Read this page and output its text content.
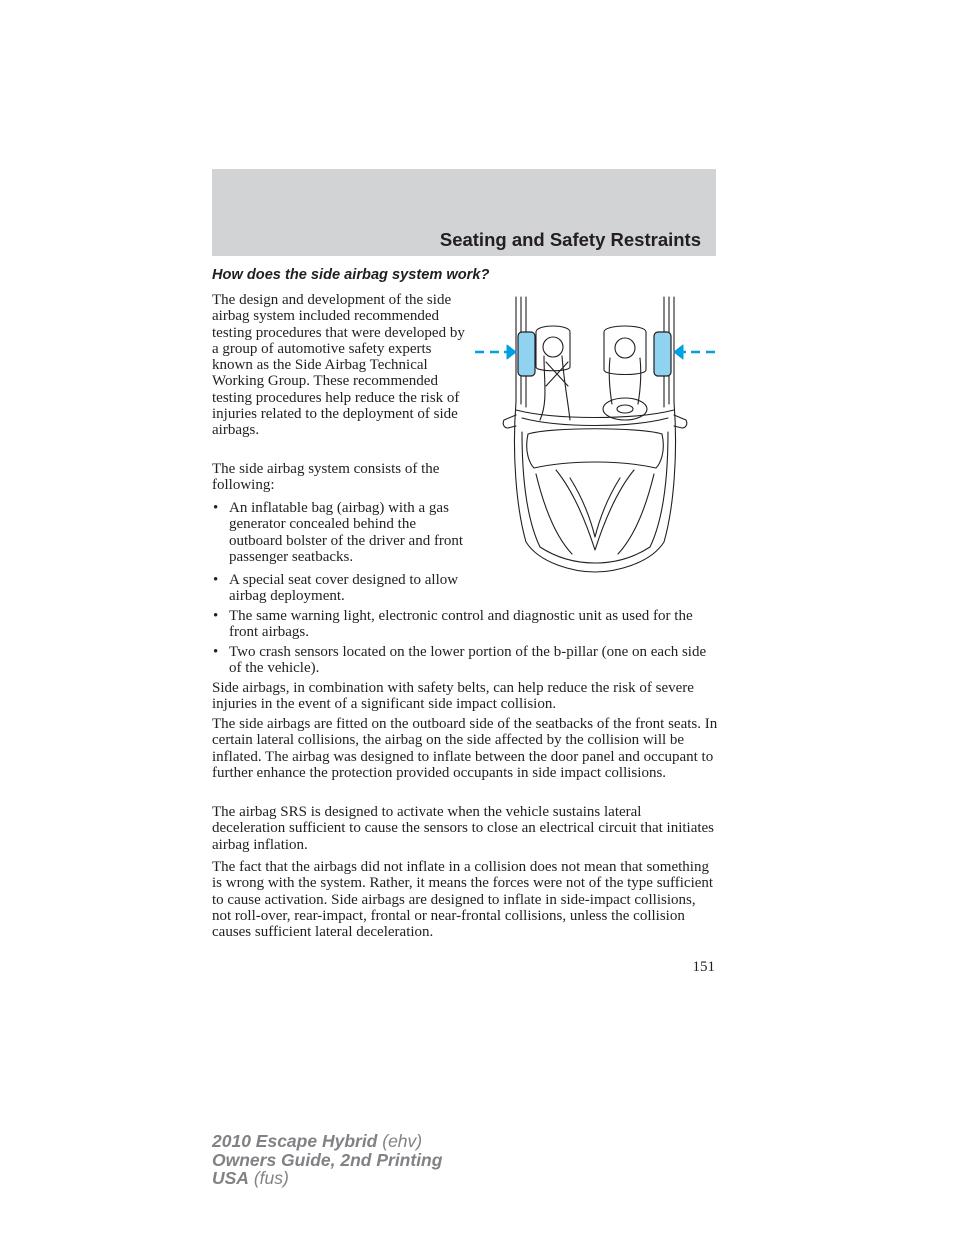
Seating and Safety Restraints
How does the side airbag system work?

The design and development of the side airbag system included recommended testing procedures that were developed by a group of automotive safety experts known as the Side Airbag Technical Working Group. These recommended testing procedures help reduce the risk of injuries related to the deployment of side airbags.

The side airbag system consists of the following:

• An inflatable bag (airbag) with a gas generator concealed behind the outboard bolster of the driver and front passenger seatbacks.
• A special seat cover designed to allow airbag deployment.
• The same warning light, electronic control and diagnostic unit as used for the front airbags.
• Two crash sensors located on the lower portion of the b-pillar (one on each side of the vehicle).

Side airbags, in combination with safety belts, can help reduce the risk of severe injuries in the event of a significant side impact collision.

The side airbags are fitted on the outboard side of the seatbacks of the front seats. In certain lateral collisions, the airbag on the side affected by the collision will be inflated. The airbag was designed to inflate between the door panel and occupant to further enhance the protection provided occupants in side impact collisions.

The airbag SRS is designed to activate when the vehicle sustains lateral deceleration sufficient to cause the sensors to close an electrical circuit that initiates airbag inflation.

The fact that the airbags did not inflate in a collision does not mean that something is wrong with the system. Rather, it means the forces were not of the type sufficient to cause activation. Side airbags are designed to inflate in side-impact collisions, not roll-over, rear-impact, frontal or near-frontal collisions, unless the collision causes sufficient lateral deceleration.

151
2010 Escape Hybrid (ehv)
Owners Guide, 2nd Printing
USA (fus)
